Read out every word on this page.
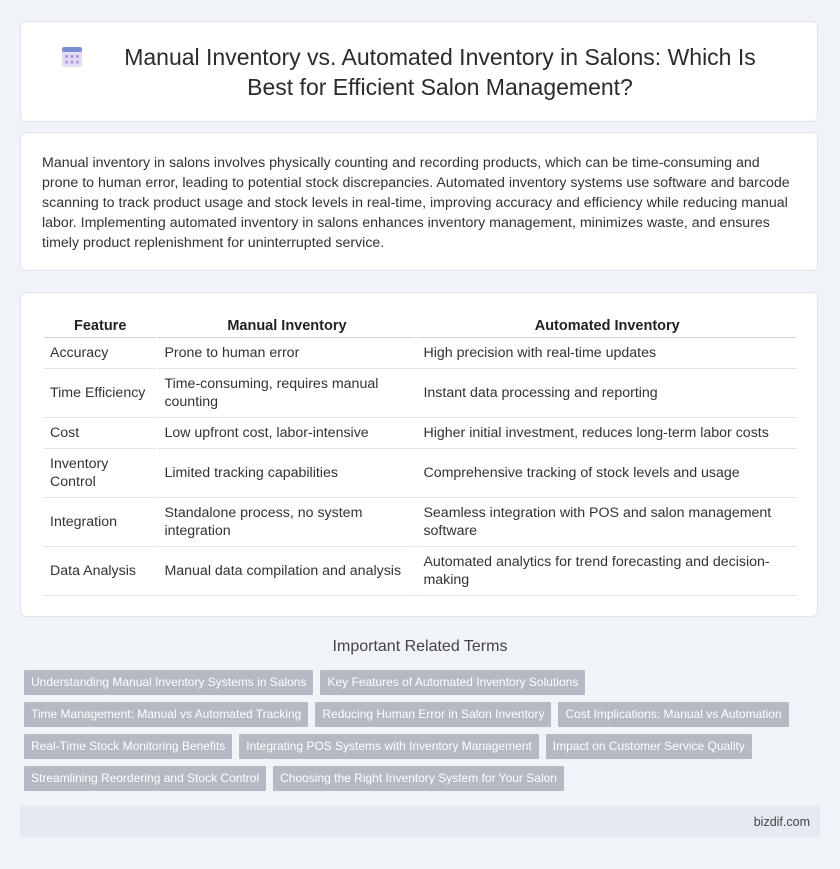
Manual Inventory vs. Automated Inventory in Salons: Which Is Best for Efficient Salon Management?

Manual inventory in salons involves physically counting and recording products, which can be time-consuming and prone to human error, leading to potential stock discrepancies. Automated inventory systems use software and barcode scanning to track product usage and stock levels in real-time, improving accuracy and efficiency while reducing manual labor. Implementing automated inventory in salons enhances inventory management, minimizes waste, and ensures timely product replenishment for uninterrupted service.

Feature	Manual Inventory	Automated Inventory
Accuracy	Prone to human error	High precision with real-time updates
Time Efficiency	Time-consuming, requires manual counting	Instant data processing and reporting
Cost	Low upfront cost, labor-intensive	Higher initial investment, reduces long-term labor costs
Inventory Control	Limited tracking capabilities	Comprehensive tracking of stock levels and usage
Integration	Standalone process, no system integration	Seamless integration with POS and salon management software
Data Analysis	Manual data compilation and analysis	Automated analytics for trend forecasting and decision-making
Important Related Terms
Understanding Manual Inventory Systems in Salons	Key Features of Automated Inventory Solutions
Time Management: Manual vs Automated Tracking	Reducing Human Error in Salon Inventory	Cost Implications: Manual vs Automation
Real-Time Stock Monitoring Benefits	Integrating POS Systems with Inventory Management	Impact on Customer Service Quality
Streamlining Reordering and Stock Control	Choosing the Right Inventory System for Your Salon
bizdif.com
